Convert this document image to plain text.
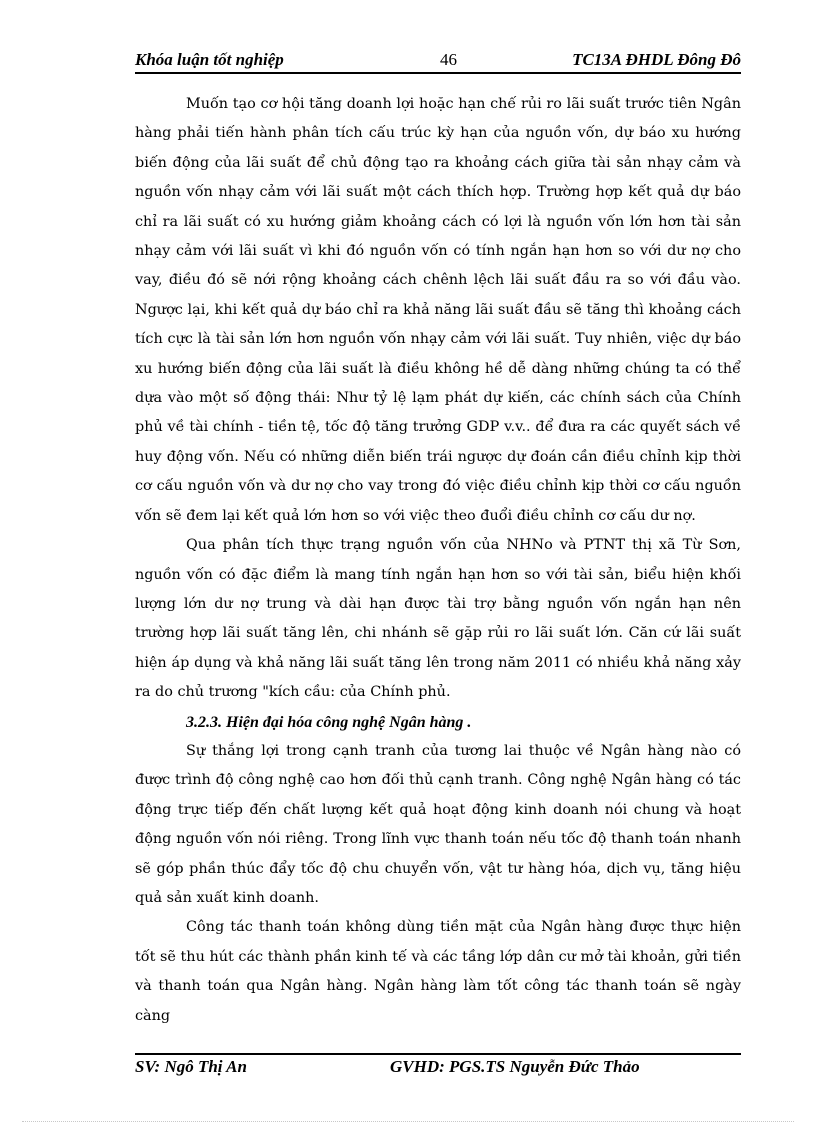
Khóa luận tốt nghiệp	46	TC13A ĐHDL Đông Đô

Muốn tạo cơ hội tăng doanh lợi hoặc hạn chế rủi ro lãi suất trước tiên Ngân hàng phải tiến hành phân tích cấu trúc kỳ hạn của nguồn vốn, dự báo xu hướng biến động của lãi suất để chủ động tạo ra khoảng cách giữa tài sản nhạy cảm và nguồn vốn nhạy cảm với lãi suất một cách thích hợp. Trường hợp kết quả dự báo chỉ ra lãi suất có xu hướng giảm khoảng cách có lợi là nguồn vốn lớn hơn tài sản nhạy cảm với lãi suất vì khi đó nguồn vốn có tính ngắn hạn hơn so với dư nợ cho vay, điều đó sẽ nới rộng khoảng cách chênh lệch lãi suất đầu ra so với đầu vào. Ngược lại, khi kết quả dự báo chỉ ra khả năng lãi suất đầu sẽ tăng thì khoảng cách tích cực là tài sản lớn hơn nguồn vốn nhạy cảm với lãi suất. Tuy nhiên, việc dự báo xu hướng biến động của lãi suất là điều không hề dễ dàng những chúng ta có thể dựa vào một số động thái: Như tỷ lệ lạm phát dự kiến, các chính sách của Chính phủ về tài chính - tiền tệ, tốc độ tăng trưởng GDP v.v.. để đưa ra các quyết sách về huy động vốn. Nếu có những diễn biến trái ngược dự đoán cần điều chỉnh kịp thời cơ cấu nguồn vốn và dư nợ cho vay trong đó việc điều chỉnh kịp thời cơ cấu nguồn vốn sẽ đem lại kết quả lớn hơn so với việc theo đuổi điều chỉnh cơ cấu dư nợ.

Qua phân tích thực trạng nguồn vốn của NHNo và PTNT thị xã Từ Sơn, nguồn vốn có đặc điểm là mang tính ngắn hạn hơn so với tài sản, biểu hiện khối lượng lớn dư nợ trung và dài hạn được tài trợ bằng nguồn vốn ngắn hạn nên trường hợp lãi suất tăng lên, chi nhánh sẽ gặp rủi ro lãi suất lớn. Căn cứ lãi suất hiện áp dụng và khả năng lãi suất tăng lên trong năm 2011 có nhiều khả năng xảy ra do chủ trương "kích cầu: của Chính phủ.

3.2.3. Hiện đại hóa công nghệ Ngân hàng .

Sự thắng lợi trong cạnh tranh của tương lai thuộc về Ngân hàng nào có được trình độ công nghệ cao hơn đối thủ cạnh tranh. Công nghệ Ngân hàng có tác động trực tiếp đến chất lượng kết quả hoạt động kinh doanh nói chung và hoạt động nguồn vốn nói riêng. Trong lĩnh vực thanh toán nếu tốc độ thanh toán nhanh sẽ góp phần thúc đẩy tốc độ chu chuyển vốn, vật tư hàng hóa, dịch vụ, tăng hiệu quả sản xuất kinh doanh.

Công tác thanh toán không dùng tiền mặt của Ngân hàng được thực hiện tốt sẽ thu hút các thành phần kinh tế và các tầng lớp dân cư mở tài khoản, gửi tiền và thanh toán qua Ngân hàng. Ngân hàng làm tốt công tác thanh toán sẽ ngày càng

SV: Ngô Thị An	GVHD: PGS.TS Nguyễn Đức Thảo
